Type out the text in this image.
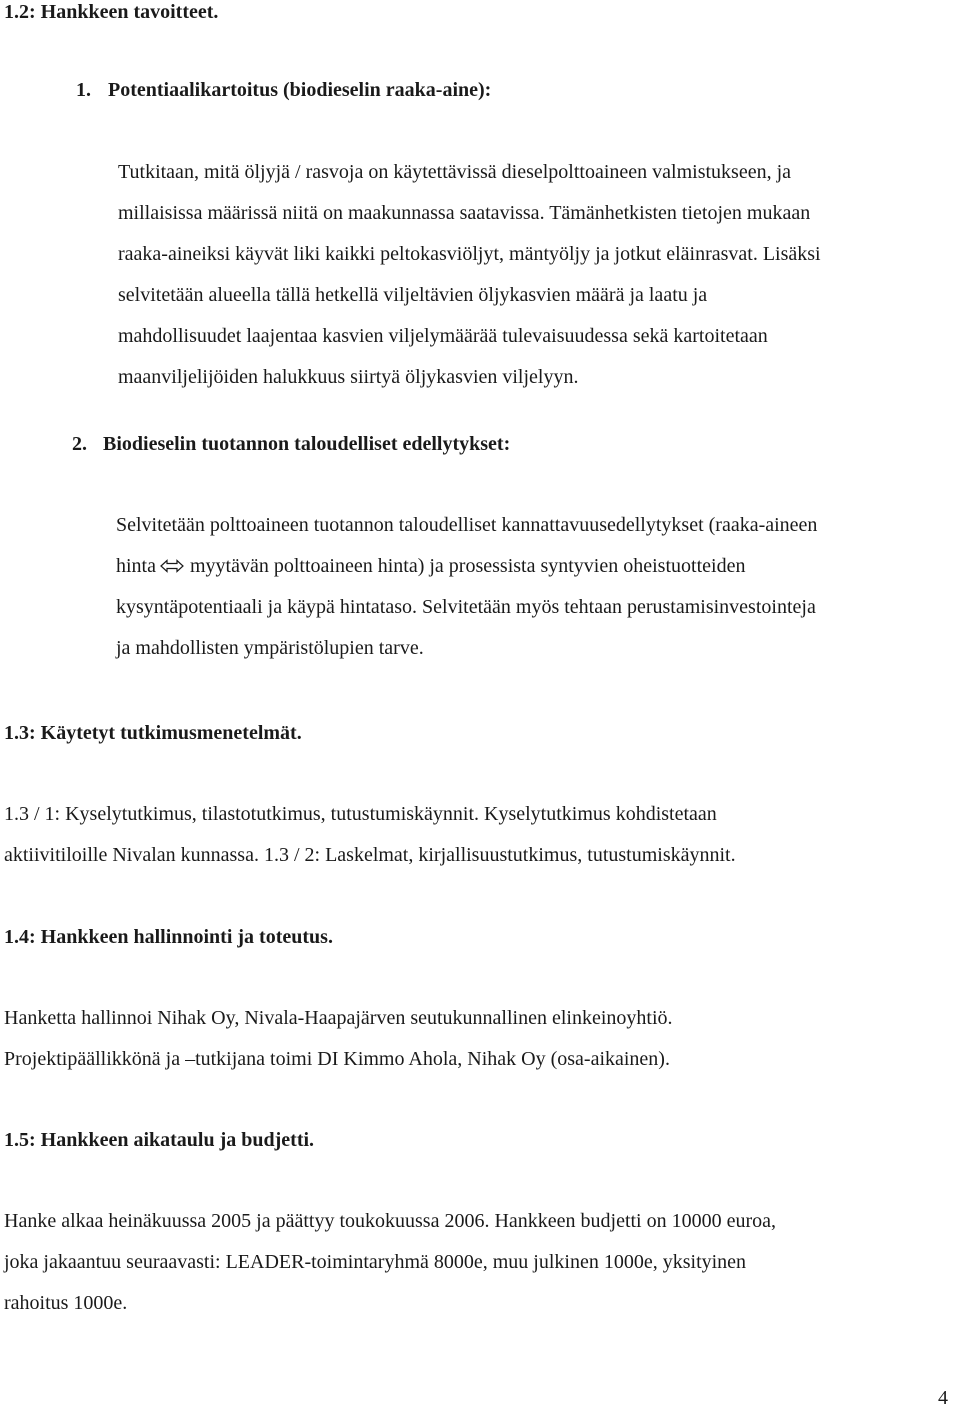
1.2: Hankkeen tavoitteet.
1. Potentiaalikartoitus (biodieselin raaka-aine):
Tutkitaan, mitä öljyjä / rasvoja on käytettävissä dieselpolttoaineen valmistukseen, ja
millaisissa määrissä niitä on maakunnassa saatavissa. Tämänhetkisten tietojen mukaan
raaka-aineiksi käyvät liki kaikki peltokasviöljyt, mäntyöljy ja jotkut eläinrasvat. Lisäksi
selvitetään alueella tällä hetkellä viljeltävien öljykasvien määrä ja laatu ja
mahdollisuudet laajentaa kasvien viljelymäärää tulevaisuudessa sekä kartoitetaan
maanviljelijöiden halukkuus siirtyä öljykasvien viljelyyn.
2. Biodieselin tuotannon taloudelliset edellytykset:
Selvitetään polttoaineen tuotannon taloudelliset kannattavuusedellytykset (raaka-aineen
hinta myytävän polttoaineen hinta) ja prosessista syntyvien oheistuotteiden
kysyntäpotentiaali ja käypä hintataso. Selvitetään myös tehtaan perustamisinvestointeja
ja mahdollisten ympäristölupien tarve.
1.3: Käytetyt tutkimusmenetelmät.
1.3 / 1: Kyselytutkimus, tilastotutkimus, tutustumiskäynnit. Kyselytutkimus kohdistetaan
aktiivitiloille Nivalan kunnassa. 1.3 / 2: Laskelmat, kirjallisuustutkimus, tutustumiskäynnit.
1.4: Hankkeen hallinnointi ja toteutus.
Hanketta hallinnoi Nihak Oy, Nivala-Haapajärven seutukunnallinen elinkeinoyhtiö.
Projektipäällikkönä ja –tutkijana toimi DI Kimmo Ahola, Nihak Oy (osa-aikainen).
1.5: Hankkeen aikataulu ja budjetti.
Hanke alkaa heinäkuussa 2005 ja päättyy toukokuussa 2006. Hankkeen budjetti on 10000 euroa,
joka jakaantuu seuraavasti: LEADER-toimintaryhmä 8000e, muu julkinen 1000e, yksityinen
rahoitus 1000e.
4
